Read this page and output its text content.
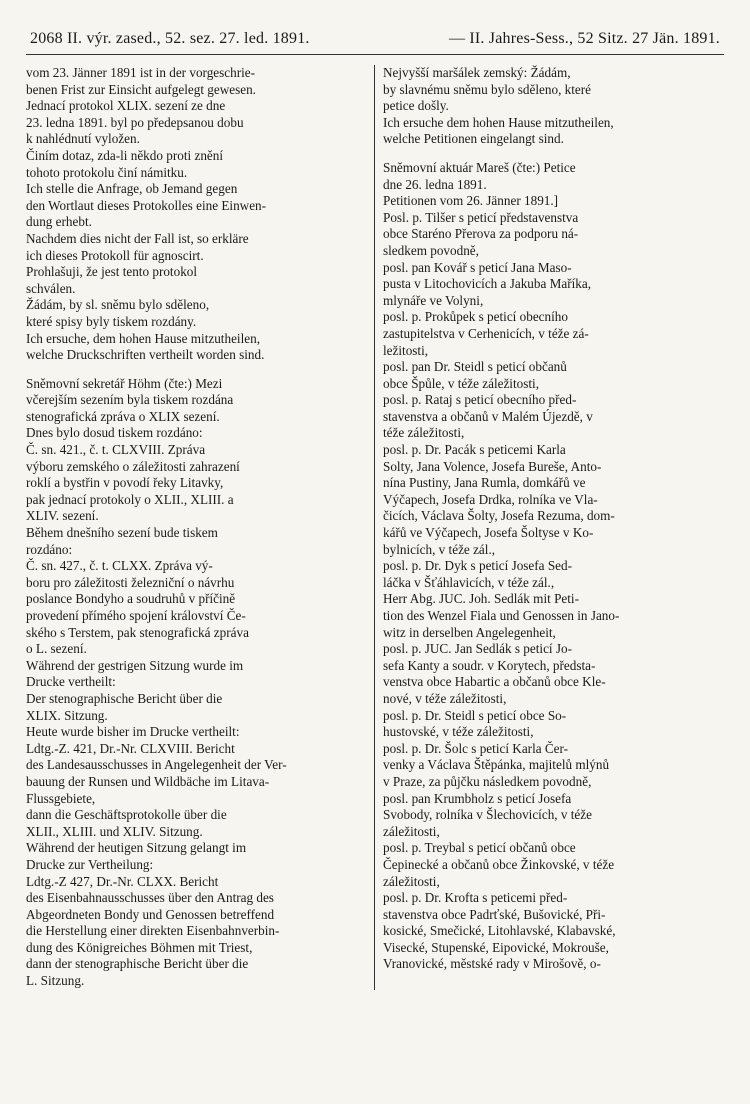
2068 II. výr. zased., 52. sez. 27. led. 1891.	— II. Jahres-Sess., 52 Sitz. 27 Jän. 1891.
vom 23. Jänner 1891 ist in der vorgeschrie-
benen Frist zur Einsicht aufgelegt gewesen.
Jednací protokol XLIX. sezení ze dne
23. ledna 1891. byl po předepsanou dobu
k nahlédnutí vyložen.
Činím dotaz, zda-li někdo proti znění
tohoto protokolu činí námitku.
Ich stelle die Anfrage, ob Jemand gegen
den Wortlaut dieses Protokolles eine Einwen-
dung erhebt.
Nachdem dies nicht der Fall ist, so erkläre
ich dieses Protokoll für agnoscirt.
Prohlašuji, že jest tento protokol
schválen.
Žádám, by sl. sněmu bylo sděleno,
které spisy byly tiskem rozdány.
Ich ersuche, dem hohen Hause mitzutheilen,
welche Druckschriften vertheilt worden sind.
Sněmovní sekretář Höhm (čte:) Mezi
včerejším sezením byla tiskem rozdána
stenografická zpráva o XLIX sezení.
Dnes bylo dosud tiskem rozdáno:
Č. sn. 421., č. t. CLXVIII. Zpráva
výboru zemského o záležitosti zahrazení
roklí a bystřin v povodí řeky Litavky,
pak jednací protokoly o XLII., XLIII. a
XLIV. sezení.
Během dnešního sezení bude tiskem
rozdáno:
Č. sn. 427., č. t. CLXX. Zpráva vý-
boru pro záležitosti železniční o návrhu
poslance Bondyho a soudruhů v příčině
provedení přímého spojení království Če-
ského s Terstem, pak stenografická zpráva
o L. sezení.
Während der gestrigen Sitzung wurde im
Drucke vertheilt:
Der stenographische Bericht über die
XLIX. Sitzung.
Heute wurde bisher im Drucke vertheilt:
Ldtg.-Z. 421, Dr.-Nr. CLXVIII. Bericht
des Landesausschusses in Angelegenheit der Ver-
bauung der Runsen und Wildbäche im Litava-
Flussgebiete,
dann die Geschäftsprotokolle über die
XLII., XLIII. und XLIV. Sitzung.
Während der heutigen Sitzung gelangt im
Drucke zur Vertheilung:
Ldtg.-Z 427, Dr.-Nr. CLXX. Bericht
des Eisenbahnausschusses über den Antrag des
Abgeordneten Bondy und Genossen betreffend
die Herstellung einer direkten Eisenbahnverbin-
dung des Königreiches Böhmen mit Triest,
dann der stenographische Bericht über die
L. Sitzung.
Nejvyšší maršálek zemský: Žádám,
by slavnému sněmu bylo sděleno, které
petice došly.
Ich ersuche dem hohen Hause mitzutheilen,
welche Petitionen eingelangt sind.
Sněmovní aktuár Mareš (čte:) Petice
dne 26. ledna 1891.
Petitionen vom 26. Jänner 1891.]
Posl. p. Tilšer s peticí představenstva
obce Staréno Přerova za podporu ná-
sledkem povodně,
posl. pan Kovář s peticí Jana Maso-
pusta v Litochovicích a Jakuba Maříka,
mlynáře ve Volyni,
posl. p. Prokůpek s peticí obecního
zastupitelstva v Cerhenicích, v téže zá-
ležitosti,
posl. pan Dr. Steidl s peticí občanů
obce Špůle, v téže záležitosti,
posl. p. Rataj s peticí obecního před-
stavenstva a občanů v Malém Újezdě, v
téže záležitosti,
posl. p. Dr. Pacák s peticemi Karla
Solty, Jana Volence, Josefa Bureše, Anto-
nína Pustiny, Jana Rumla, domkářů ve
Výčapech, Josefa Drdka, rolníka ve Vla-
čicích, Václava Šolty, Josefa Rezuma, dom-
kářů ve Výčapech, Josefa Šoltyse v Ko-
bylnicích, v téže zál.,
posl. p. Dr. Dyk s peticí Josefa Sed-
láčka v Šťáhlavicích, v téže zál.,
Herr Abg. JUC. Joh. Sedlák mit Peti-
tion des Wenzel Fiala und Genossen in Jano-
witz in derselben Angelegenheit,
posl. p. JUC. Jan Sedlák s peticí Jo-
sefa Kanty a soudr. v Korytech, předsta-
venstva obce Habartic a občanů obce Kle-
nové, v téže záležitosti,
posl. p. Dr. Steidl s peticí obce So-
hustovské, v téže záležitosti,
posl. p. Dr. Šolc s peticí Karla Čer-
venky a Václava Štěpánka, majitelů mlýnů
v Praze, za půjčku následkem povodně,
posl. pan Krumbholz s peticí Josefa
Svobody, rolníka v Šlechovicích, v téže
záležitosti,
posl. p. Treybal s peticí občanů obce
Čepinecké a občanů obce Žinkovské, v téže
záležitosti,
posl. p. Dr. Krofta s peticemi před-
stavenstva obce Padrťské, Bušovické, Při-
kosické, Smečické, Litohlavské, Klabavské,
Visecké, Stupenské, Eipovické, Mokrouše,
Vranovické, městské rady v Mirošově, o-
